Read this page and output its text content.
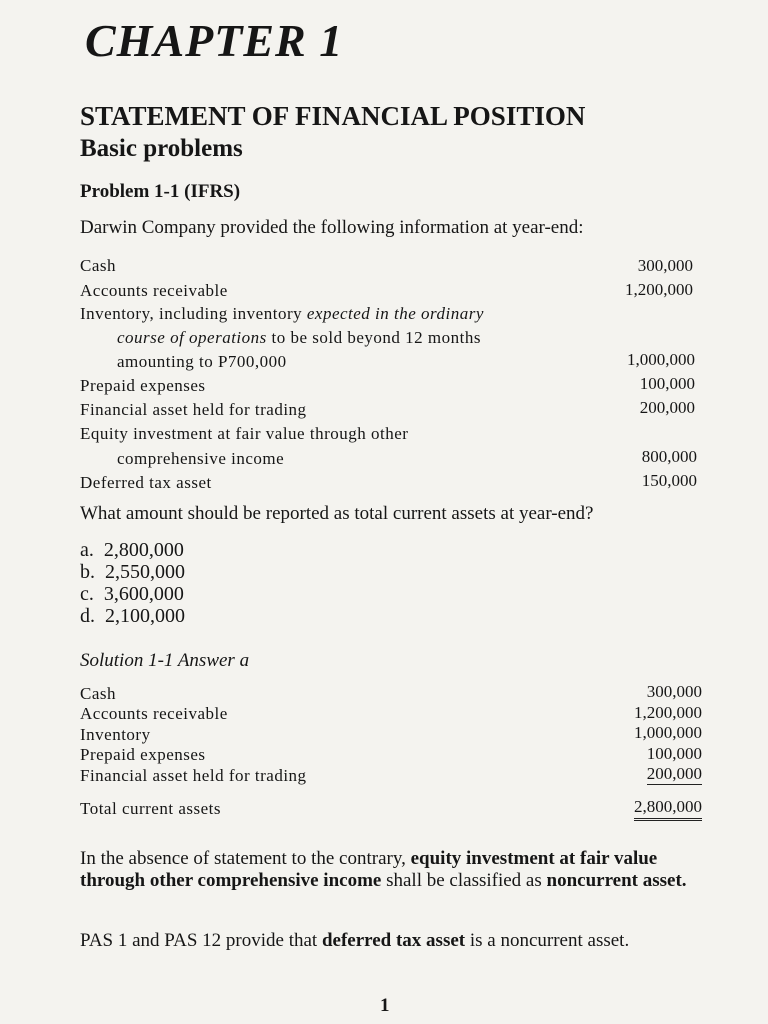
CHAPTER 1
STATEMENT OF FINANCIAL POSITION
Basic problems
Problem 1-1 (IFRS)
Darwin Company provided the following information at year-end:
Cash	300,000
Accounts receivable	1,200,000
Inventory, including inventory expected in the ordinary
course of operations to be sold beyond 12 months
amounting to P700,000	1,000,000
Prepaid expenses	100,000
Financial asset held for trading	200,000
Equity investment at fair value through other
comprehensive income	800,000
Deferred tax asset	150,000
What amount should be reported as total current assets at year-end?
a. 2,800,000
b. 2,550,000
c. 3,600,000
d. 2,100,000
Solution 1-1 Answer a
Cash	300,000
Accounts receivable	1,200,000
Inventory	1,000,000
Prepaid expenses	100,000
Financial asset held for trading	200,000
Total current assets	2,800,000
In the absence of statement to the contrary, equity investment at fair value through other comprehensive income shall be classified as noncurrent asset.
PAS 1 and PAS 12 provide that deferred tax asset is a noncurrent asset.
1
